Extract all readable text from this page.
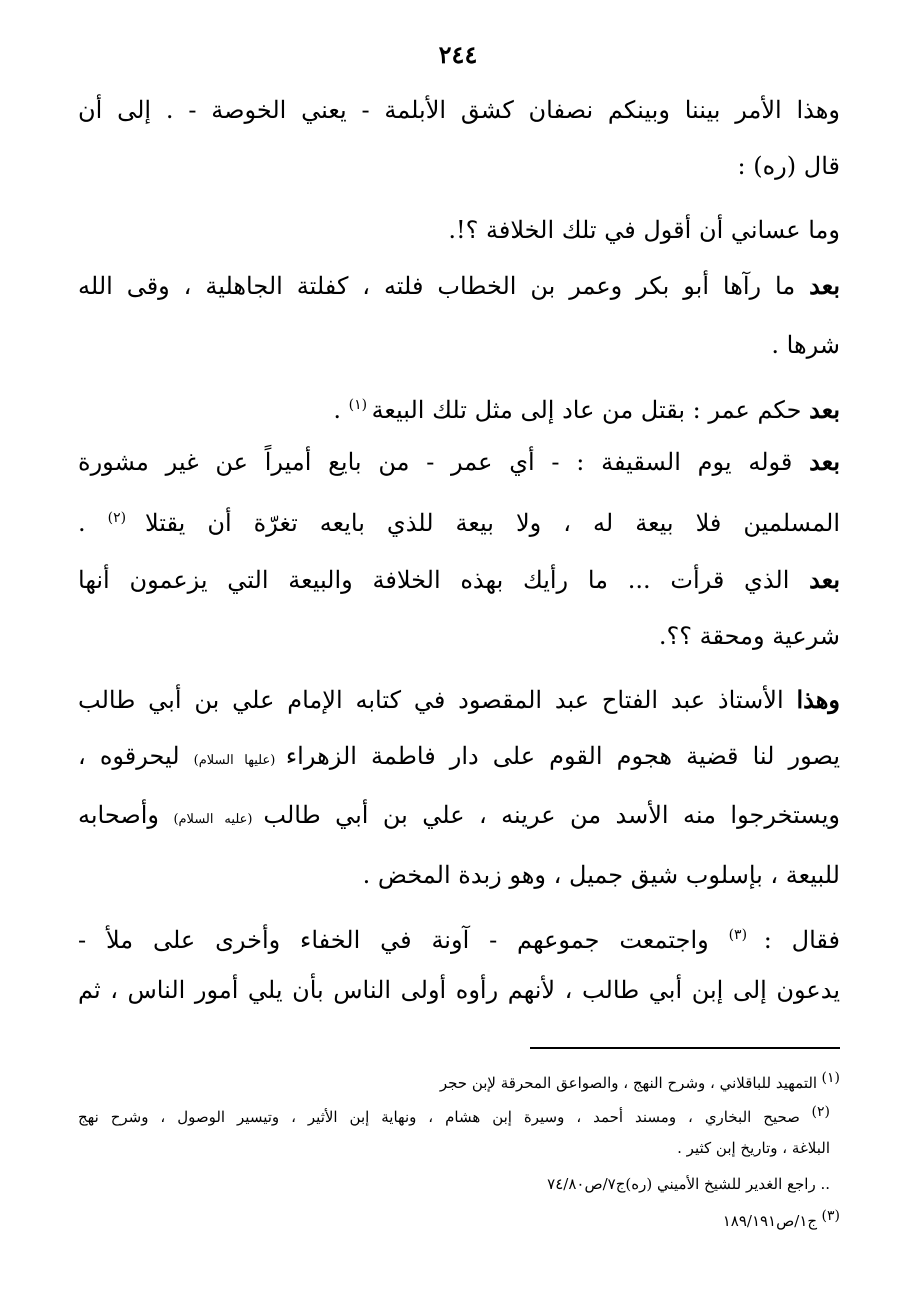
٢٤٤
وهذا الأمر بيننا وبينكم نصفان كشق الأبلمة - يعني الخوصة - . إلى أن
قال (ره) :
وما عساني أن أقول في تلك الخلافة ؟!.
بعد ما رآها أبو بكر وعمر بن الخطاب فلته ، كفلتة الجاهلية ، وقى الله
شرها .
بعد حكم عمر : بقتل من عاد إلى مثل تلك البيعة $^{(١)}$ .
بعد قوله يوم السقيفة : - أي عمر - من بايع أميراً عن غير مشورة
المسلمين فلا بيعة له ، ولا بيعة للذي بايعه تغرّة أن يقتلا $^{(٢)}$ .
بعد الذي قرأت ... ما رأيك بهذه الخلافة والبيعة التي يزعمون أنها
شرعية ومحقة ؟؟.
وهذا الأستاذ عبد الفتاح عبد المقصود في كتابه الإمام علي بن أبي طالب
يصور لنا قضية هجوم القوم على دار فاطمة الزهراء (عليها السلام) ليحرقوه ،
ويستخرجوا منه الأسد من عرينه ، علي بن أبي طالب (عليه السلام) وأصحابه
للبيعة ، بإسلوب شيق جميل ، وهو زبدة المخض .
فقال : $^{(٣)}$ واجتمعت جموعهم - آونة في الخفاء وأخرى على ملأ -
يدعون إلى إبن أبي طالب ، لأنهم رأوه أولى الناس بأن يلي أمور الناس ، ثم
(١) التمهيد للباقلاني ، وشرح النهج ، والصواعق المحرقة لإبن حجر
(٢) صحيح البخاري ، ومسند أحمد ، وسيرة إبن هشام ، ونهاية إبن الأثير ، وتيسير الوصول ، وشرح نهج
البلاغة ، وتاريخ إبن كثير .
.. راجع الغدير للشيخ الأميني (ره)ج٧/ص٧٤/٨٠
(٣) ج١/ص١٨٩/١٩١
